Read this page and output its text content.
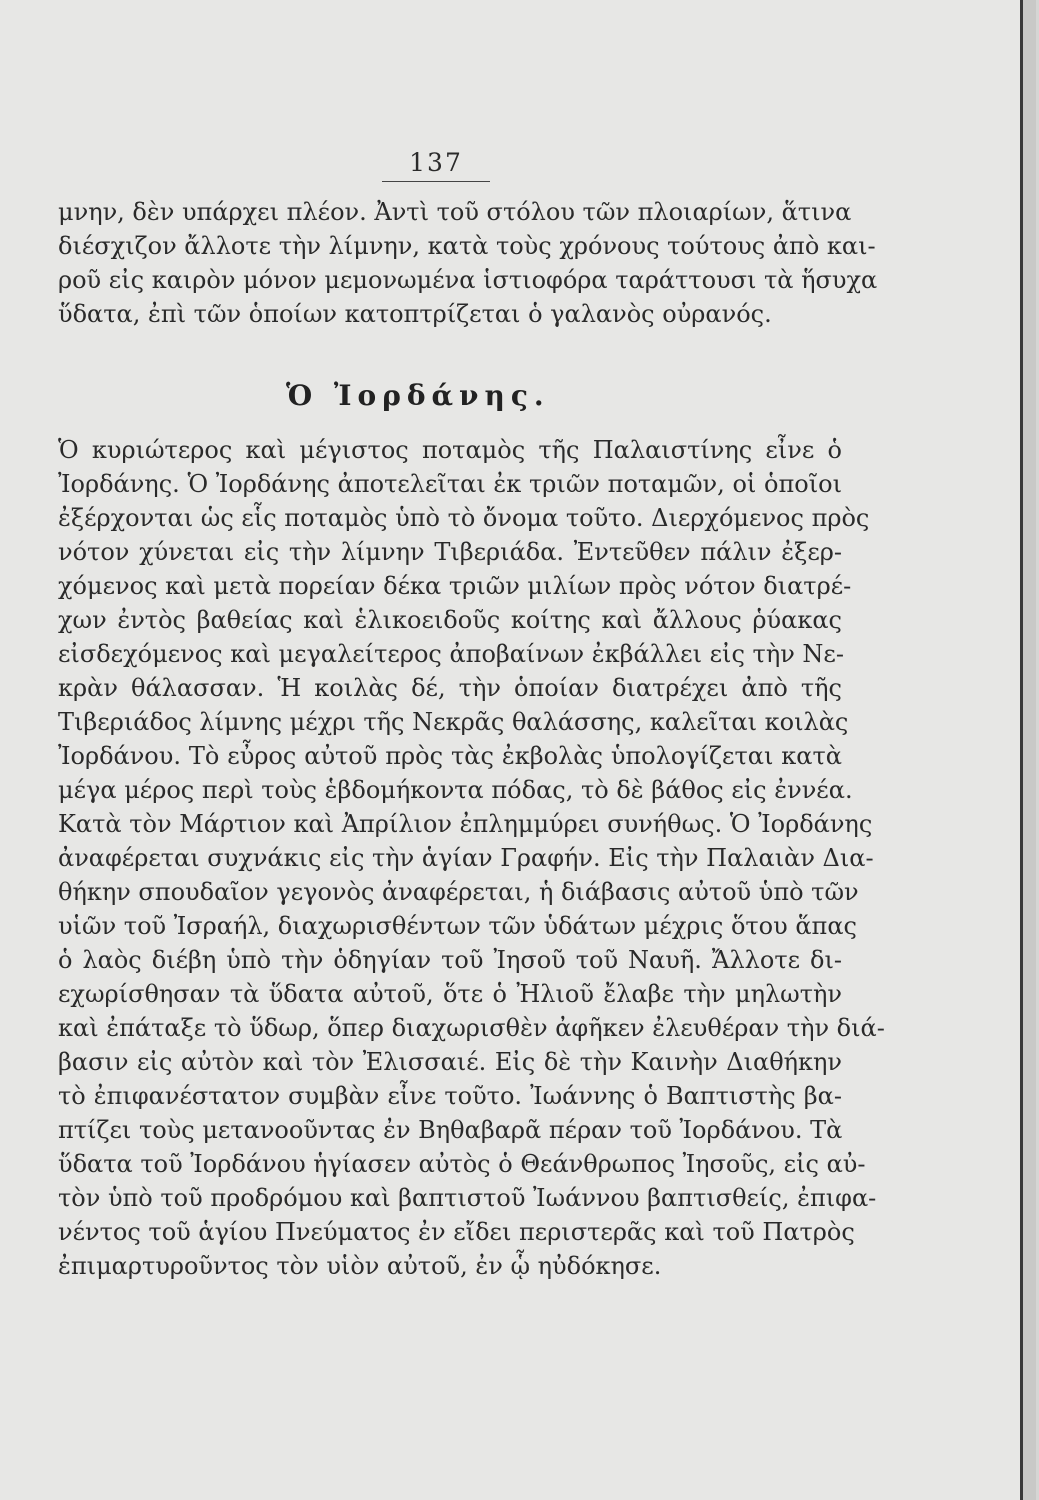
137
μνην, δὲν υπάρχει πλέον. Ἀντὶ τοῦ στόλου τῶν πλοιαρίων, ἅτινα
διέσχιζον ἄλλοτε τὴν λίμνην, κατὰ τοὺς χρόνους τούτους ἀπὸ και-
ροῦ εἰς καιρὸν μόνον μεμονωμένα ἱστιοφόρα ταράττουσι τὰ ἥσυχα
ὕδατα, ἐπὶ τῶν ὁποίων κατοπτρίζεται ὁ γαλανὸς οὐρανός.
Ὁ Ἰορδάνης.
Ὁ κυριώτερος καὶ μέγιστος ποταμὸς τῆς Παλαιστίνης εἶνε ὁ
Ἰορδάνης. Ὁ Ἰορδάνης ἀποτελεῖται ἐκ τριῶν ποταμῶν, οἱ ὁποῖοι
ἐξέρχονται ὡς εἷς ποταμὸς ὑπὸ τὸ ὄνομα τοῦτο. Διερχόμενος πρὸς
νότον χύνεται εἰς τὴν λίμνην Τιβεριάδα. Ἐντεῦθεν πάλιν ἐξερ-
χόμενος καὶ μετὰ πορείαν δέκα τριῶν μιλίων πρὸς νότον διατρέ-
χων ἐντὸς βαθείας καὶ ἑλικοειδοῦς κοίτης καὶ ἄλλους ῥύακας
εἰσδεχόμενος καὶ μεγαλείτερος ἀποβαίνων ἐκβάλλει εἰς τὴν Νε-
κρὰν θάλασσαν. Ἡ κοιλὰς δέ, τὴν ὁποίαν διατρέχει ἀπὸ τῆς
Τιβεριάδος λίμνης μέχρι τῆς Νεκρᾶς θαλάσσης, καλεῖται κοιλὰς
Ἰορδάνου. Τὸ εὖρος αὐτοῦ πρὸς τὰς ἐκβολὰς ὑπολογίζεται κατὰ
μέγα μέρος περὶ τοὺς ἑβδομήκοντα πόδας, τὸ δὲ βάθος εἰς ἐννέα.
Κατὰ τὸν Μάρτιον καὶ Ἀπρίλιον ἐπλημμύρει συνήθως. Ὁ Ἰορδάνης
ἀναφέρεται συχνάκις εἰς τὴν ἁγίαν Γραφήν. Εἰς τὴν Παλαιὰν Δια-
θήκην σπουδαῖον γεγονὸς ἀναφέρεται, ἡ διάβασις αὐτοῦ ὑπὸ τῶν
υἱῶν τοῦ Ἰσραήλ, διαχωρισθέντων τῶν ὑδάτων μέχρις ὅτου ἅπας
ὁ λαὸς διέβη ὑπὸ τὴν ὁδηγίαν τοῦ Ἰησοῦ τοῦ Ναυῆ. Ἄλλοτε δι-
εχωρίσθησαν τὰ ὕδατα αὐτοῦ, ὅτε ὁ Ἠλιοῦ ἔλαβε τὴν μηλωτὴν
καὶ ἐπάταξε τὸ ὕδωρ, ὅπερ διαχωρισθὲν ἀφῆκεν ἐλευθέραν τὴν διά-
βασιν εἰς αὐτὸν καὶ τὸν Ἐλισσαιέ. Εἰς δὲ τὴν Καινὴν Διαθήκην
τὸ ἐπιφανέστατον συμβὰν εἶνε τοῦτο. Ἰωάννης ὁ Βαπτιστὴς βα-
πτίζει τοὺς μετανοοῦντας ἐν Βηθαβαρᾶ πέραν τοῦ Ἰορδάνου. Τὰ
ὕδατα τοῦ Ἰορδάνου ἡγίασεν αὐτὸς ὁ Θεάνθρωπος Ἰησοῦς, εἰς αὐ-
τὸν ὑπὸ τοῦ προδρόμου καὶ βαπτιστοῦ Ἰωάννου βαπτισθείς, ἐπιφα-
νέντος τοῦ ἁγίου Πνεύματος ἐν εἴδει περιστερᾶς καὶ τοῦ Πατρὸς
ἐπιμαρτυροῦντος τὸν υἱὸν αὐτοῦ, ἐν ᾧ ηὐδόκησε.
